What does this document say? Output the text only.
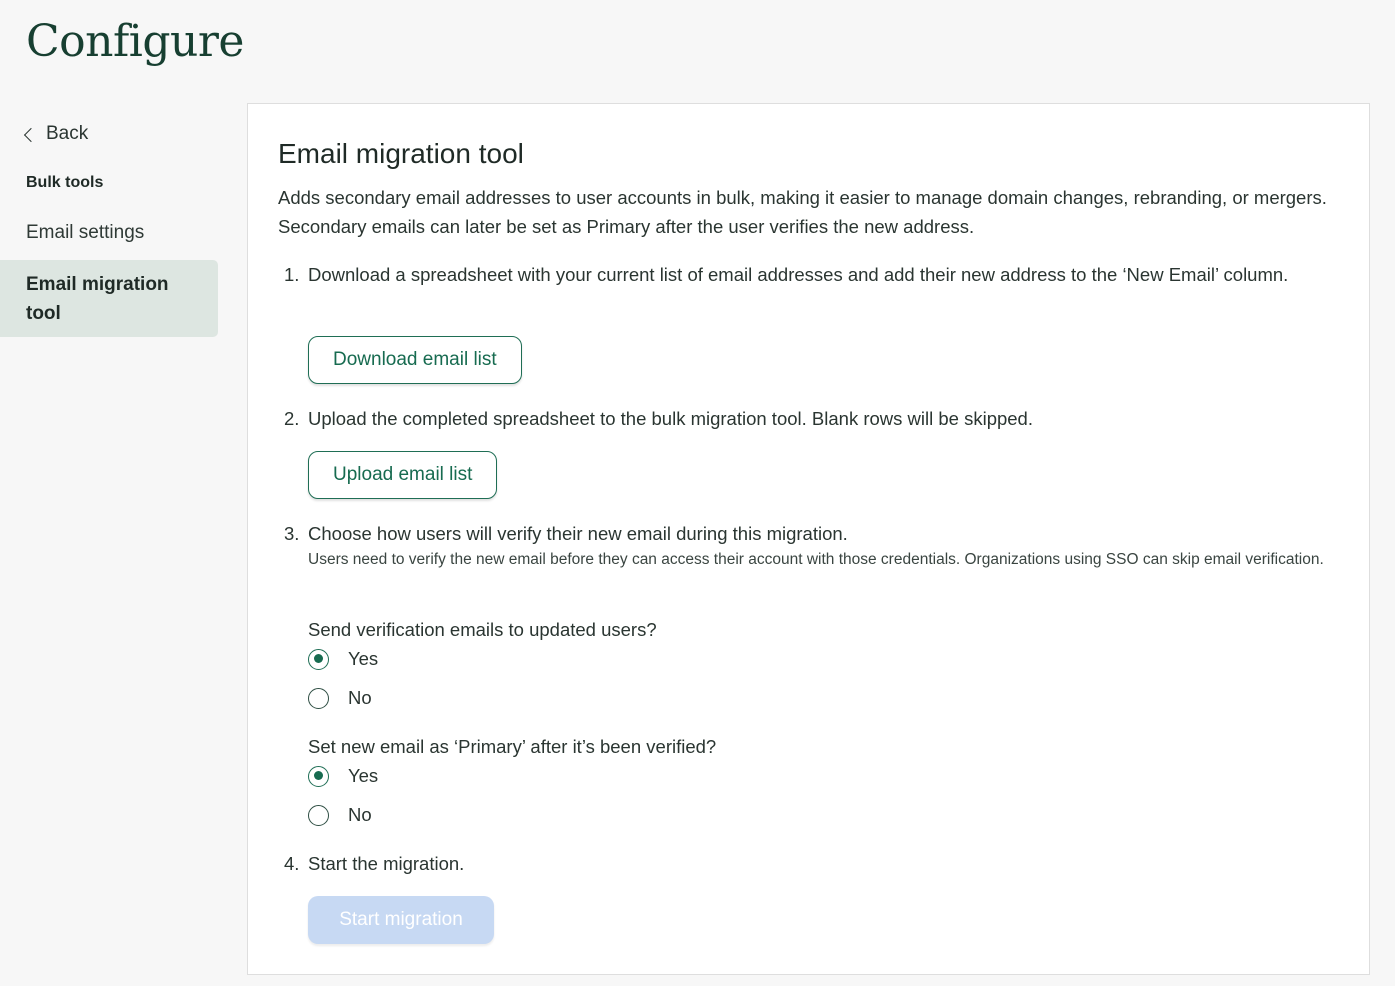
Configure
Back
Bulk tools
Email settings
Email migration tool
Email migration tool

Adds secondary email addresses to user accounts in bulk, making it easier to manage domain changes, rebranding, or mergers. Secondary emails can later be set as Primary after the user verifies the new address.

1. Download a spreadsheet with your current list of email addresses and add their new address to the ‘New Email’ column.
Download email list
2. Upload the completed spreadsheet to the bulk migration tool. Blank rows will be skipped.
Upload email list
3. Choose how users will verify their new email during this migration.
Users need to verify the new email before they can access their account with those credentials. Organizations using SSO can skip email verification.
Send verification emails to updated users?
Yes
No
Set new email as ‘Primary’ after it’s been verified?
Yes
No
4. Start the migration.
Start migration
